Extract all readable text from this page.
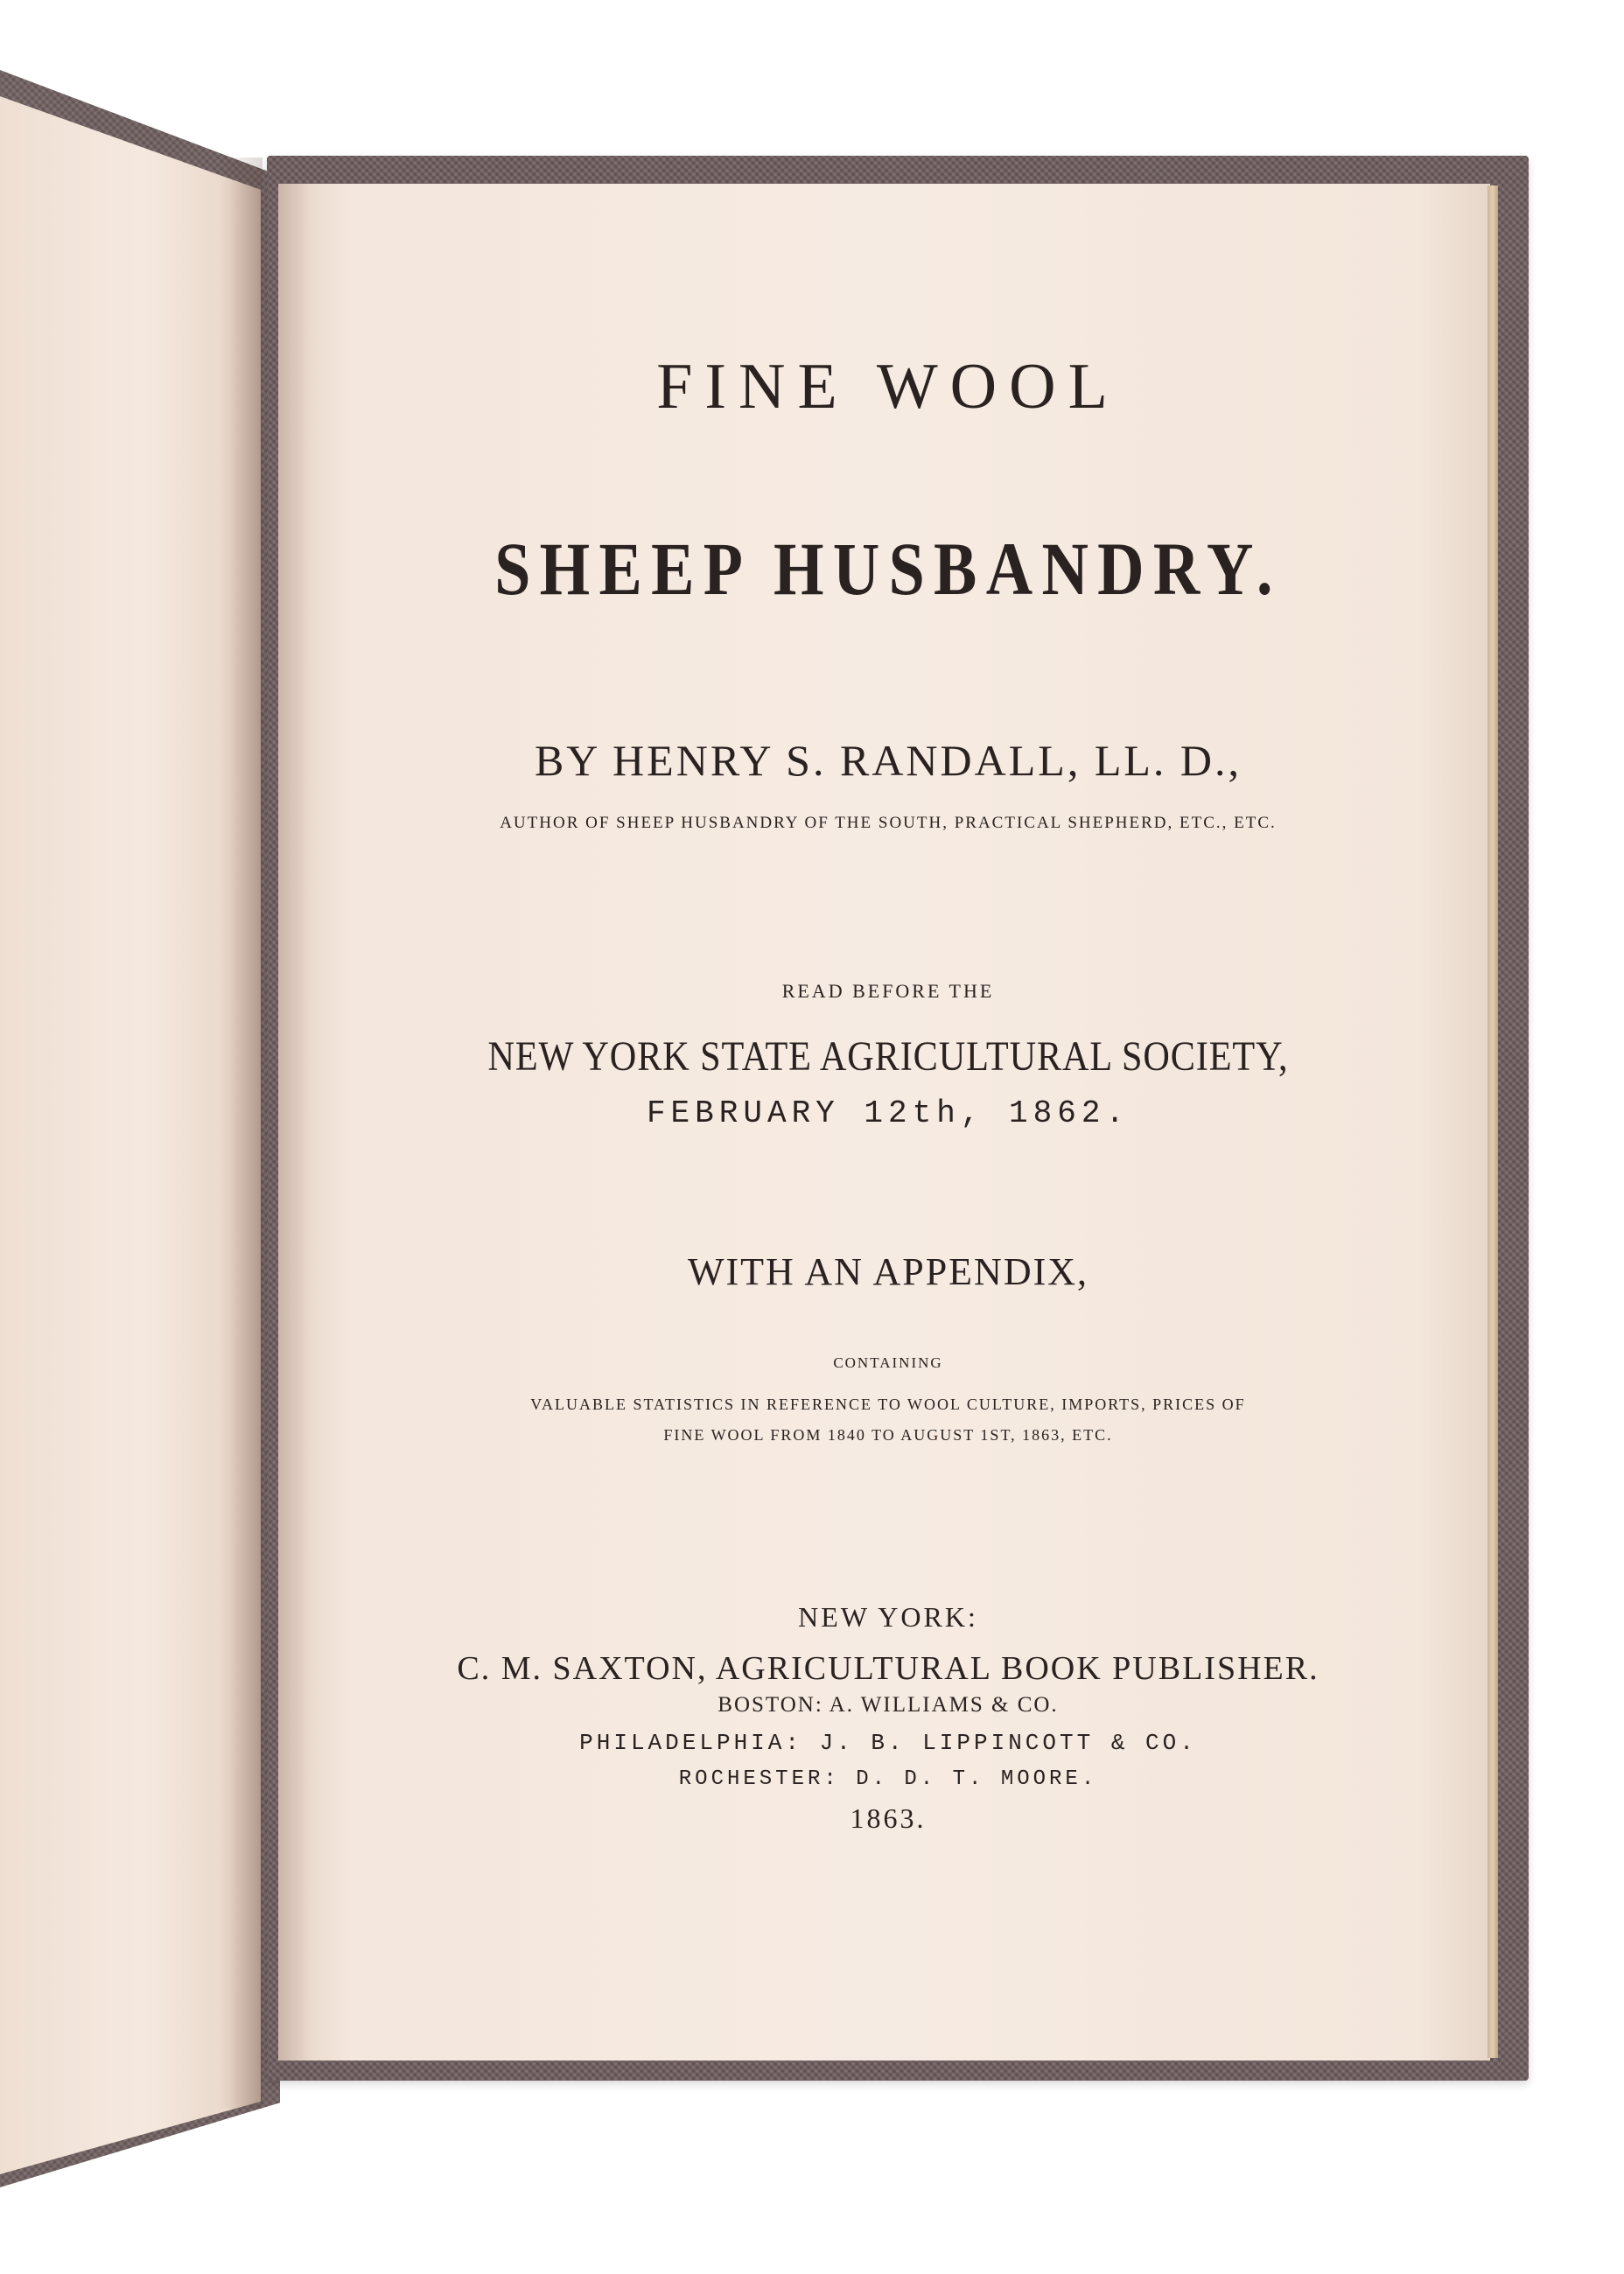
FINE WOOL
SHEEP HUSBANDRY.
BY HENRY S. RANDALL, LL. D.,
AUTHOR OF SHEEP HUSBANDRY OF THE SOUTH, PRACTICAL SHEPHERD, ETC., ETC.
READ BEFORE THE
NEW YORK STATE AGRICULTURAL SOCIETY,
FEBRUARY 12th, 1862.
WITH AN APPENDIX,
CONTAINING
VALUABLE STATISTICS IN REFERENCE TO WOOL CULTURE, IMPORTS, PRICES OF
FINE WOOL FROM 1840 TO AUGUST 1ST, 1863, ETC.
NEW YORK:
C. M. SAXTON, AGRICULTURAL BOOK PUBLISHER.
BOSTON: A. WILLIAMS & CO.
PHILADELPHIA: J. B. LIPPINCOTT & CO.
ROCHESTER: D. D. T. MOORE.
1863.
